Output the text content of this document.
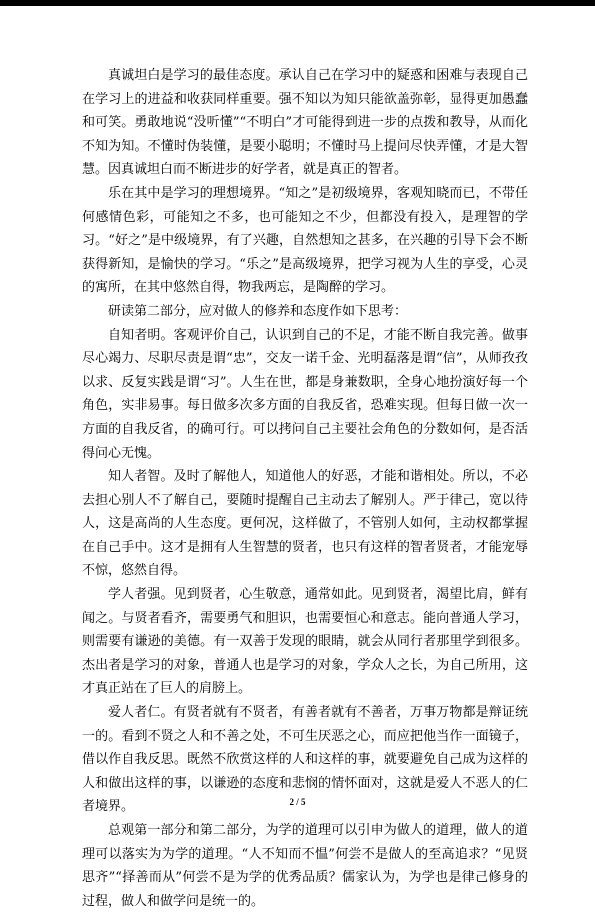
真诚坦白是学习的最佳态度。承认自己在学习中的疑惑和困难与表现自己在学习上的进益和收获同样重要。强不知以为知只能欲盖弥彰，显得更加愚蠢和可笑。勇敢地说“没听懂”“不明白”才可能得到进一步的点拨和教导，从而化不知为知。不懂时伪装懂，是要小聪明；不懂时马上提问尽快弄懂，才是大智慧。因真诚坦白而不断进步的好学者，就是真正的智者。

乐在其中是学习的理想境界。“知之”是初级境界，客观知晓而已，不带任何感情色彩，可能知之不多，也可能知之不少，但都没有投入，是理智的学习。“好之”是中级境界，有了兴趣，自然想知之甚多，在兴趣的引导下会不断获得新知，是愉快的学习。“乐之”是高级境界，把学习视为人生的享受，心灵的寓所，在其中悠然自得，物我两忘，是陶醉的学习。

研读第二部分，应对做人的修养和态度作如下思考：

自知者明。客观评价自己，认识到自己的不足，才能不断自我完善。做事尽心竭力、尽职尽责是谓“忠”，交友一诺千金、光明磊落是谓“信”，从师孜孜以求、反复实践是谓“习”。人生在世，都是身兼数职，全身心地扮演好每一个角色，实非易事。每日做多次多方面的自我反省，恐难实现。但每日做一次一方面的自我反省，的确可行。可以拷问自己主要社会角色的分数如何，是否活得问心无愧。

知人者智。及时了解他人，知道他人的好恶，才能和谐相处。所以，不必去担心别人不了解自己，要随时提醒自己主动去了解别人。严于律己，宽以待人，这是高尚的人生态度。更何况，这样做了，不管别人如何，主动权都掌握在自己手中。这才是拥有人生智慧的贤者，也只有这样的智者贤者，才能宠辱不惊，悠然自得。

学人者强。见到贤者，心生敬意，通常如此。见到贤者，渴望比肩，鲜有闻之。与贤者看齐，需要勇气和胆识，也需要恒心和意志。能向普通人学习，则需要有谦逊的美德。有一双善于发现的眼睛，就会从同行者那里学到很多。杰出者是学习的对象，普通人也是学习的对象，学众人之长，为自己所用，这才真正站在了巨人的肩膀上。

爱人者仁。有贤者就有不贤者，有善者就有不善者，万事万物都是辩证统一的。看到不贤之人和不善之处，不可生厌恶之心，而应把他当作一面镜子，借以作自我反思。既然不欣赏这样的人和这样的事，就要避免自己成为这样的人和做出这样的事，以谦逊的态度和悲悯的情怀面对，这就是爱人不恶人的仁者境界。

总观第一部分和第二部分，为学的道理可以引申为做人的道理，做人的道理可以落实为为学的道理。“人不知而不愠”何尝不是做人的至高追求？“见贤思齐”“择善而从”何尝不是为学的优秀品质？儒家认为，为学也是律己修身的过程，做人和做学问是统一的。

2 / 5
